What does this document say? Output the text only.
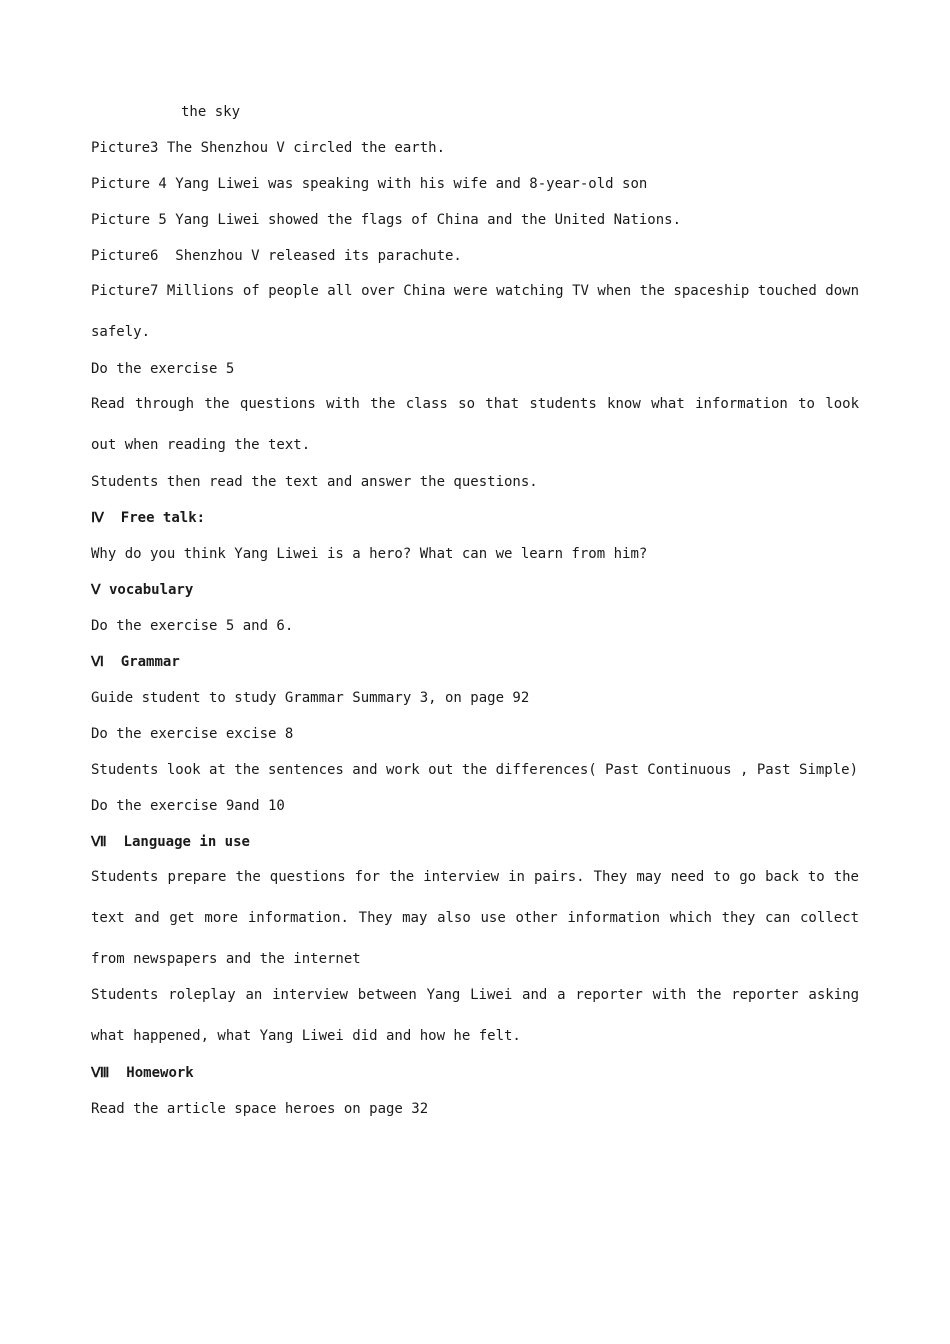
the sky
Picture3 The Shenzhou V circled the earth.
Picture 4 Yang Liwei was speaking with his wife and 8-year-old son
Picture 5 Yang Liwei showed the flags of China and the United Nations.
Picture6  Shenzhou V released its parachute.
Picture7 Millions of people all over China were watching TV when the spaceship touched down safely.
Do the exercise 5
Read through the questions with the class so that students know what information to look out when reading the text.
Students then read the text and answer the questions.
Ⅳ  Free talk:
Why do you think Yang Liwei is a hero? What can we learn from him?
Ⅴ vocabulary
Do the exercise 5 and 6.
Ⅵ  Grammar
Guide student to study Grammar Summary 3, on page 92
Do the exercise excise 8
Students look at the sentences and work out the differences( Past Continuous , Past Simple)
Do the exercise 9and 10
Ⅶ  Language in use
Students prepare the questions for the interview in pairs. They may need to go back to the text and get more information. They may also use other information which they can collect from newspapers and the internet
Students roleplay an interview between Yang Liwei and a reporter with the reporter asking what happened, what Yang Liwei did and how he felt.
Ⅷ  Homework
Read the article space heroes on page 32
